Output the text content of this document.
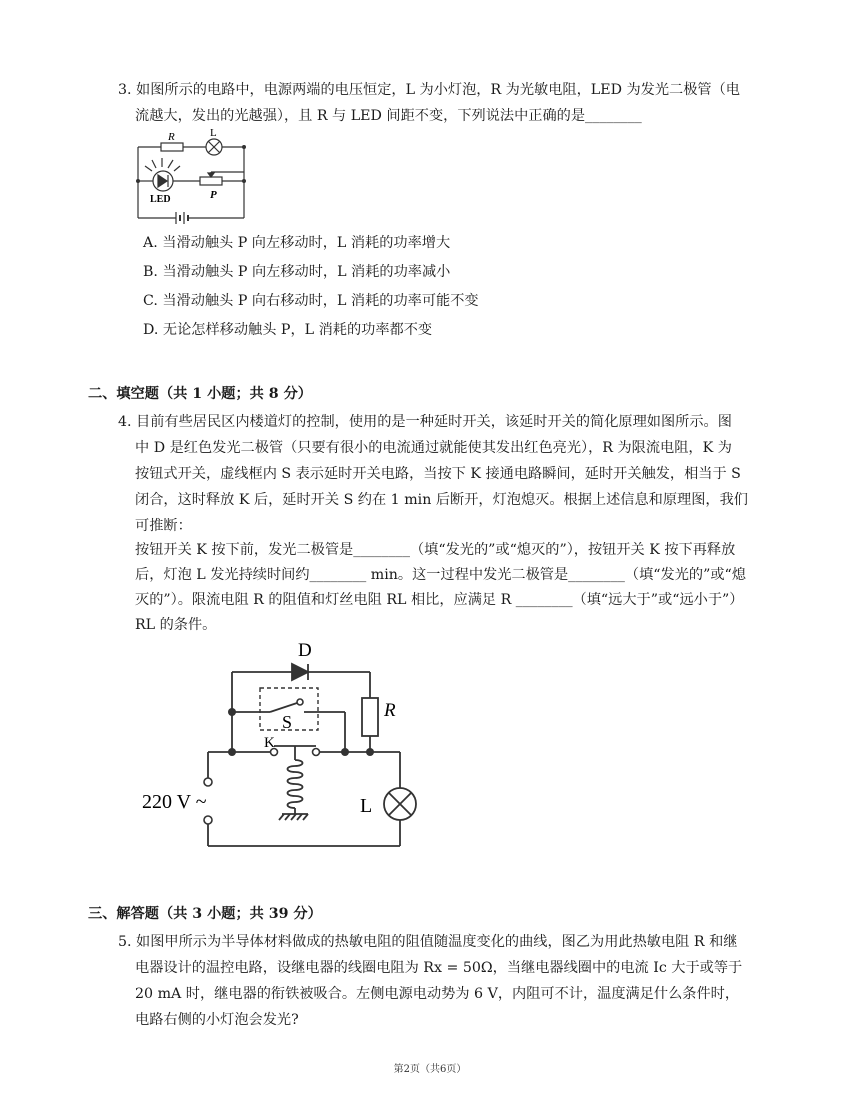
3. 如图所示的电路中，电源两端的电压恒定，L 为小灯泡，R 为光敏电阻，LED 为发光二极管（电
流越大，发出的光越强），且 R 与 LED 间距不变，下列说法中正确的是________
R	L
LED	P
A. 当滑动触头 P 向左移动时，L 消耗的功率增大
B. 当滑动触头 P 向左移动时，L 消耗的功率减小
C. 当滑动触头 P 向右移动时，L 消耗的功率可能不变
D. 无论怎样移动触头 P，L 消耗的功率都不变
二、填空题（共 1 小题；共 8 分）
4. 目前有些居民区内楼道灯的控制，使用的是一种延时开关，该延时开关的简化原理如图所示。图
中 D 是红色发光二极管（只要有很小的电流通过就能使其发出红色亮光），R 为限流电阻，K 为
按钮式开关，虚线框内 S 表示延时开关电路，当按下 K 接通电路瞬间，延时开关触发，相当于 S
闭合，这时释放 K 后，延时开关 S 约在 1 min 后断开，灯泡熄灭。根据上述信息和原理图，我们
可推断：
按钮开关 K 按下前，发光二极管是________（填“发光的”或“熄灭的”），按钮开关 K 按下再释放
后，灯泡 L 发光持续时间约________ min。这一过程中发光二极管是________（填“发光的”或“熄
灭的”）。限流电阻 R 的阻值和灯丝电阻 RL 相比，应满足 R ________（填“远大于”或“远小于”）
RL 的条件。
D
R
S
K
220 V ~	L
三、解答题（共 3 小题；共 39 分）
5. 如图甲所示为半导体材料做成的热敏电阻的阻值随温度变化的曲线，图乙为用此热敏电阻 R 和继
电器设计的温控电路，设继电器的线圈电阻为 Rx = 50Ω，当继电器线圈中的电流 Ic 大于或等于
20 mA 时，继电器的衔铁被吸合。左侧电源电动势为 6 V，内阻可不计，温度满足什么条件时，
电路右侧的小灯泡会发光?
第2页（共6页）
